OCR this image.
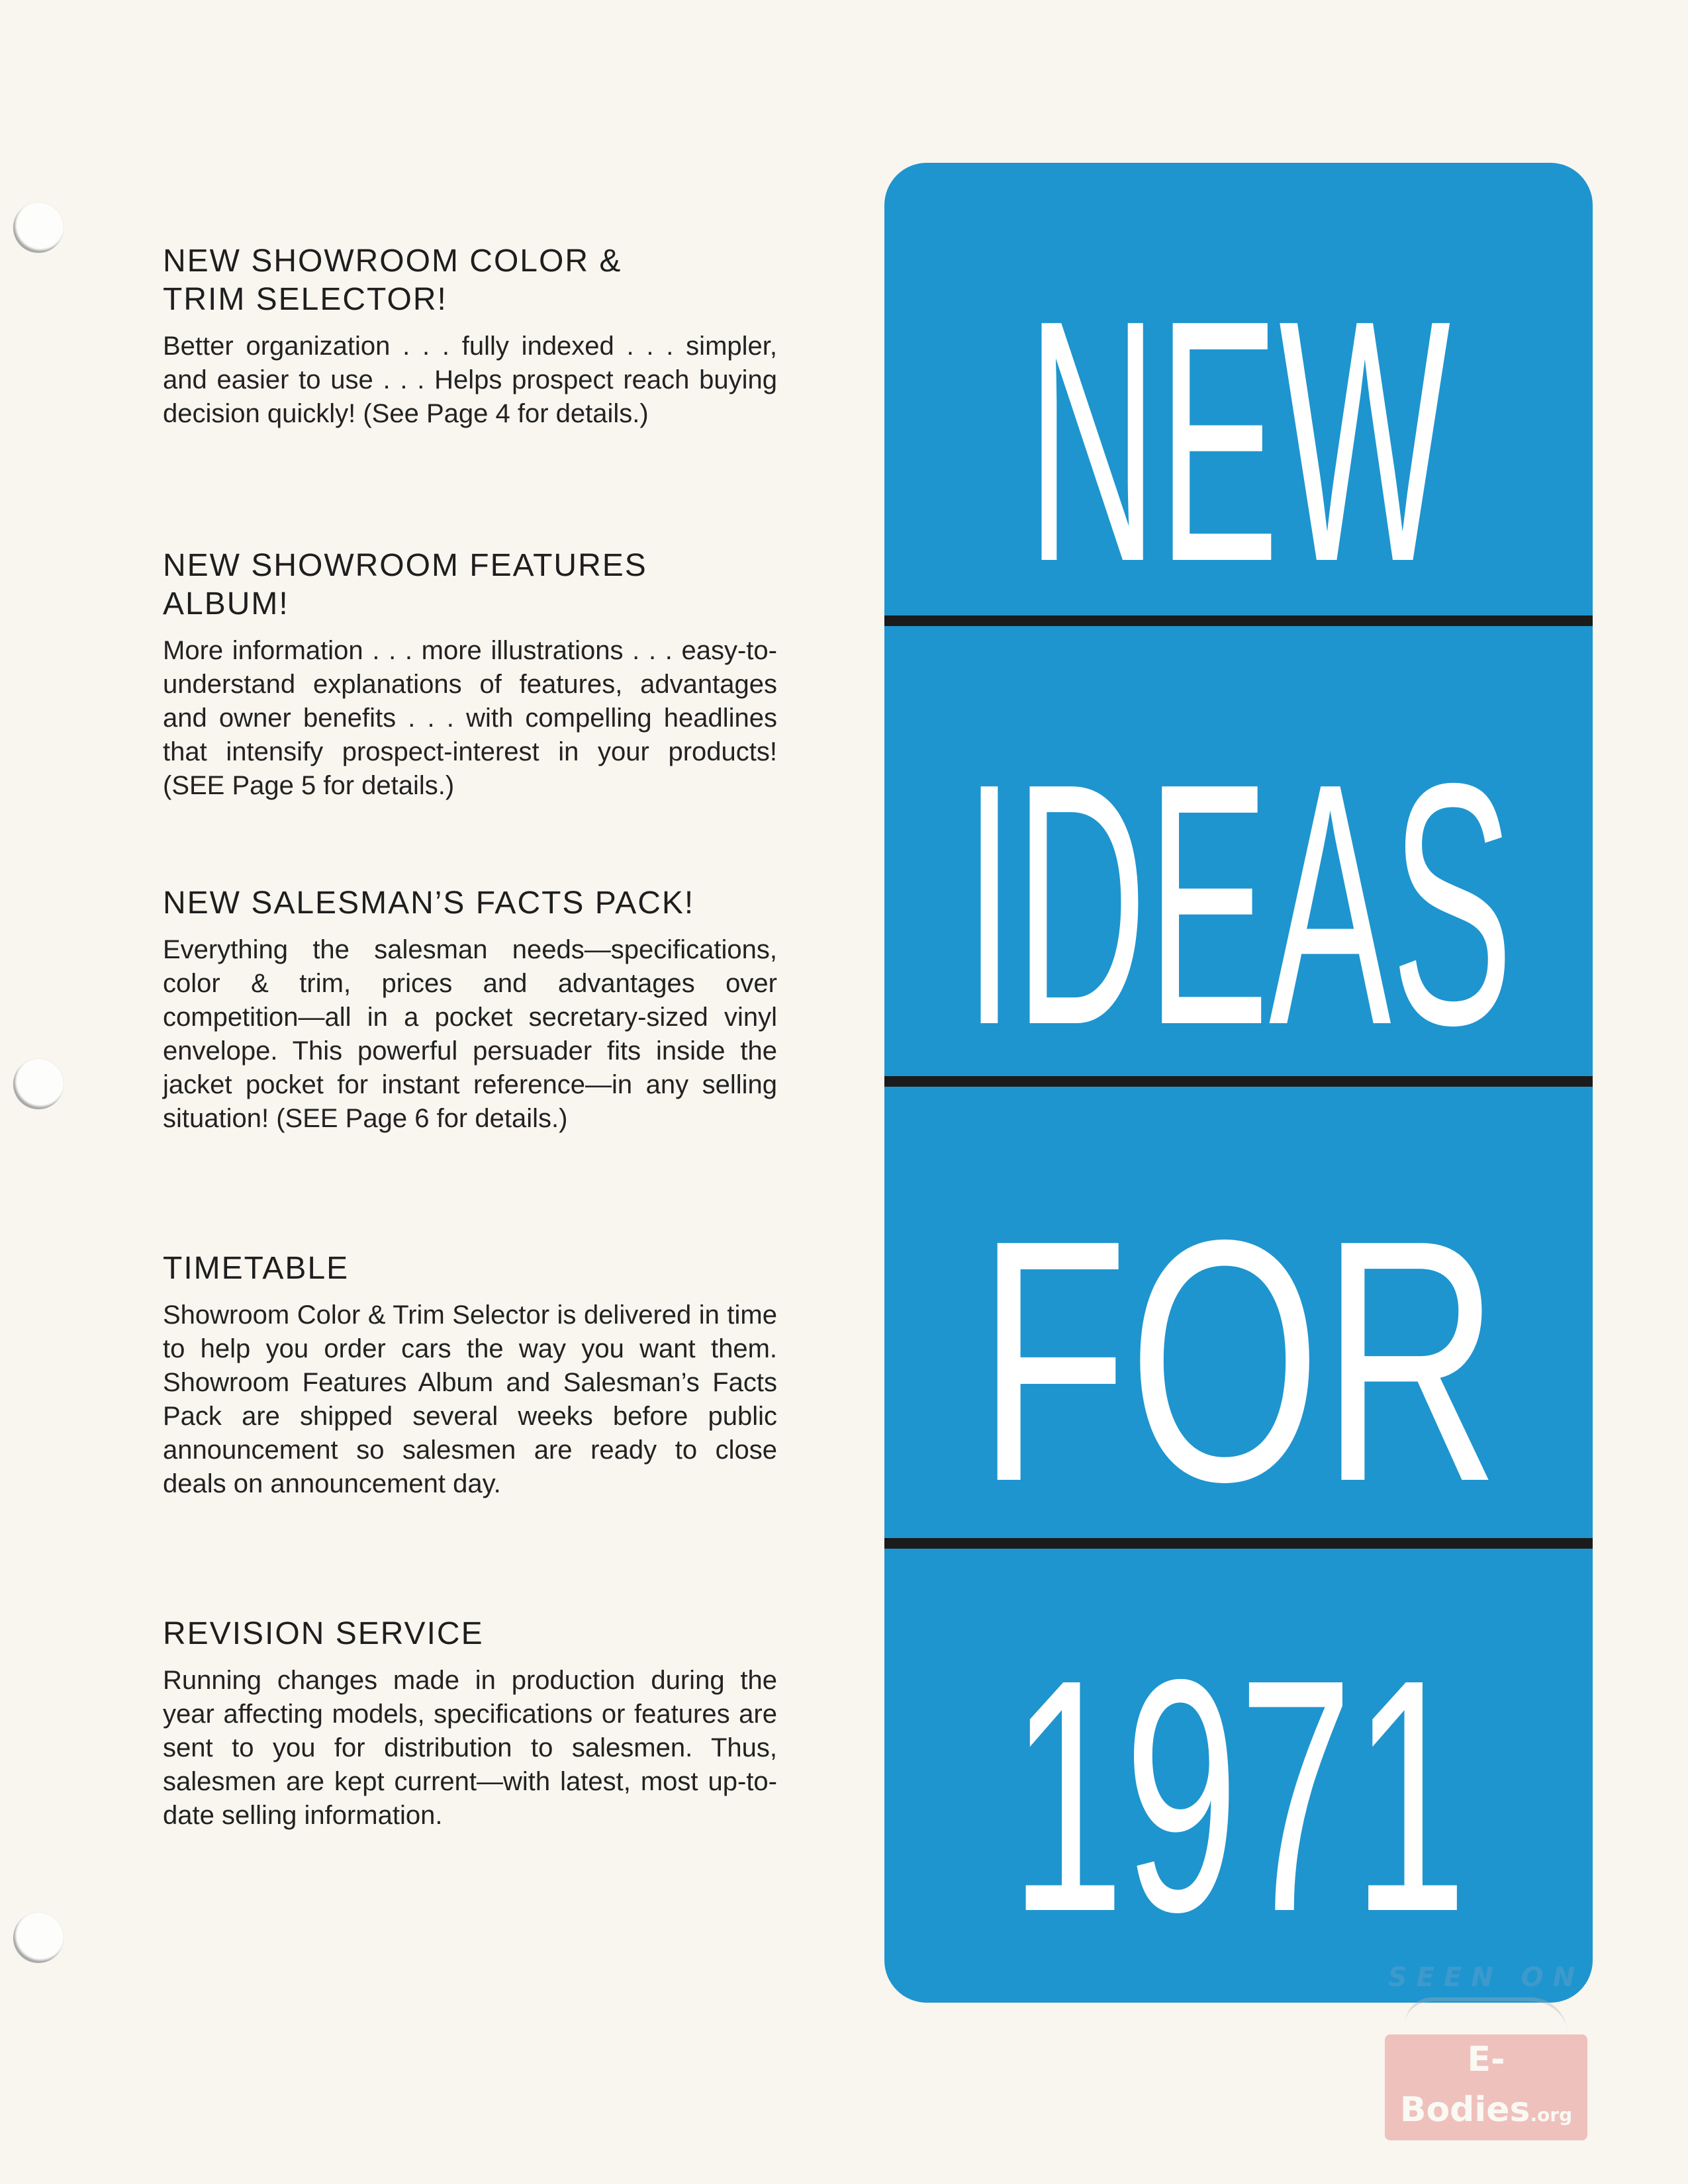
NEW SHOWROOM COLOR &
TRIM SELECTOR!

Better organization . . . fully indexed . . . simpler, and easier to use . . . Helps prospect reach buying decision quickly! (See Page 4 for details.)

NEW SHOWROOM FEATURES ALBUM!

More information . . . more illustrations . . . easy-to-understand explanations of features, advantages and owner benefits . . . with compelling headlines that intensify prospect-interest in your products! (SEE Page 5 for details.)

NEW SALESMAN’S FACTS PACK!

Everything the salesman needs—specifications, color & trim, prices and advantages over competition—all in a pocket secretary-sized vinyl envelope. This powerful persuader fits inside the jacket pocket for instant reference—in any selling situation! (SEE Page 6 for details.)

TIMETABLE

Showroom Color & Trim Selector is delivered in time to help you order cars the way you want them. Showroom Features Album and Salesman’s Facts Pack are shipped several weeks before public announcement so salesmen are ready to close deals on announcement day.

REVISION SERVICE

Running changes made in production during the year affecting models, specifications or features are sent to you for distribution to salesmen. Thus, salesmen are kept current—with latest, most up-to-date selling information.

NEW
IDEAS
FOR
1971
SEEN ON
E-Bodies.org
